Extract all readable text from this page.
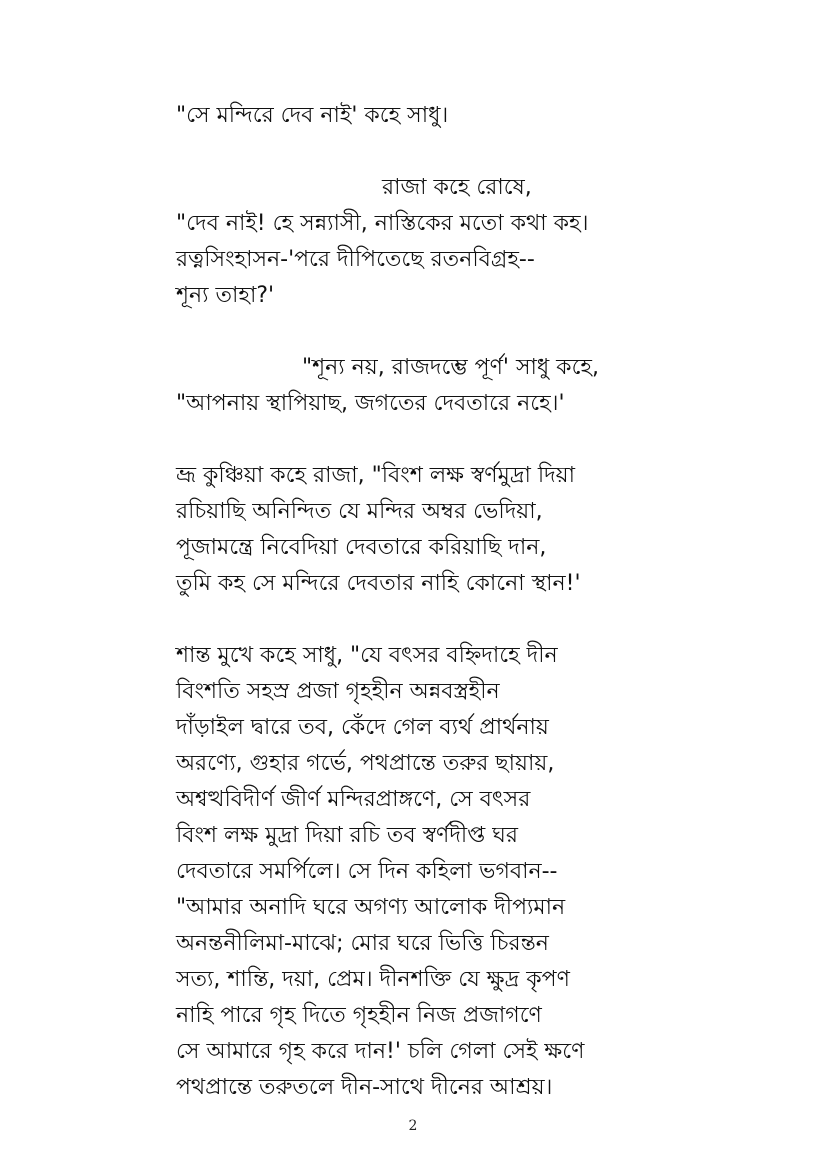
"সে মন্দিরে দেব নাই' কহে সাধু।
রাজা কহে রোষে,
"দেব নাই! হে সন্ন্যাসী, নাস্তিকের মতো কথা কহ।
রত্নসিংহাসন-'পরে দীপিতেছে রতনবিগ্রহ--
শূন্য তাহা?'
"শূন্য নয়, রাজদম্ভে পূর্ণ' সাধু কহে,
"আপনায় স্থাপিয়াছ, জগতের দেবতারে নহে।'
ভ্রূ কুঞ্চিয়া কহে রাজা, "বিংশ লক্ষ স্বর্ণমুদ্রা দিয়া
রচিয়াছি অনিন্দিত যে মন্দির অম্বর ভেদিয়া,
পূজামন্ত্রে নিবেদিয়া দেবতারে করিয়াছি দান,
তুমি কহ সে মন্দিরে দেবতার নাহি কোনো স্থান!'
শান্ত মুখে কহে সাধু, "যে বৎসর বহ্নিদাহে দীন
বিংশতি সহস্র প্রজা গৃহহীন অন্নবস্ত্রহীন
দাঁড়াইল দ্বারে তব, কেঁদে গেল ব্যর্থ প্রার্থনায়
অরণ্যে, গুহার গর্ভে, পথপ্রান্তে তরুর ছায়ায়,
অশ্বত্থবিদীর্ণ জীর্ণ মন্দিরপ্রাঙ্গণে, সে বৎসর
বিংশ লক্ষ মুদ্রা দিয়া রচি তব স্বর্ণদীপ্ত ঘর
দেবতারে সমর্পিলে। সে দিন কহিলা ভগবান--
"আমার অনাদি ঘরে অগণ্য আলোক দীপ্যমান
অনন্তনীলিমা-মাঝে; মোর ঘরে ভিত্তি চিরন্তন
সত্য, শান্তি, দয়া, প্রেম। দীনশক্তি যে ক্ষুদ্র কৃপণ
নাহি পারে গৃহ দিতে গৃহহীন নিজ প্রজাগণে
সে আমারে গৃহ করে দান!' চলি গেলা সেই ক্ষণে
পথপ্রান্তে তরুতলে দীন-সাথে দীনের আশ্রয়।
2
